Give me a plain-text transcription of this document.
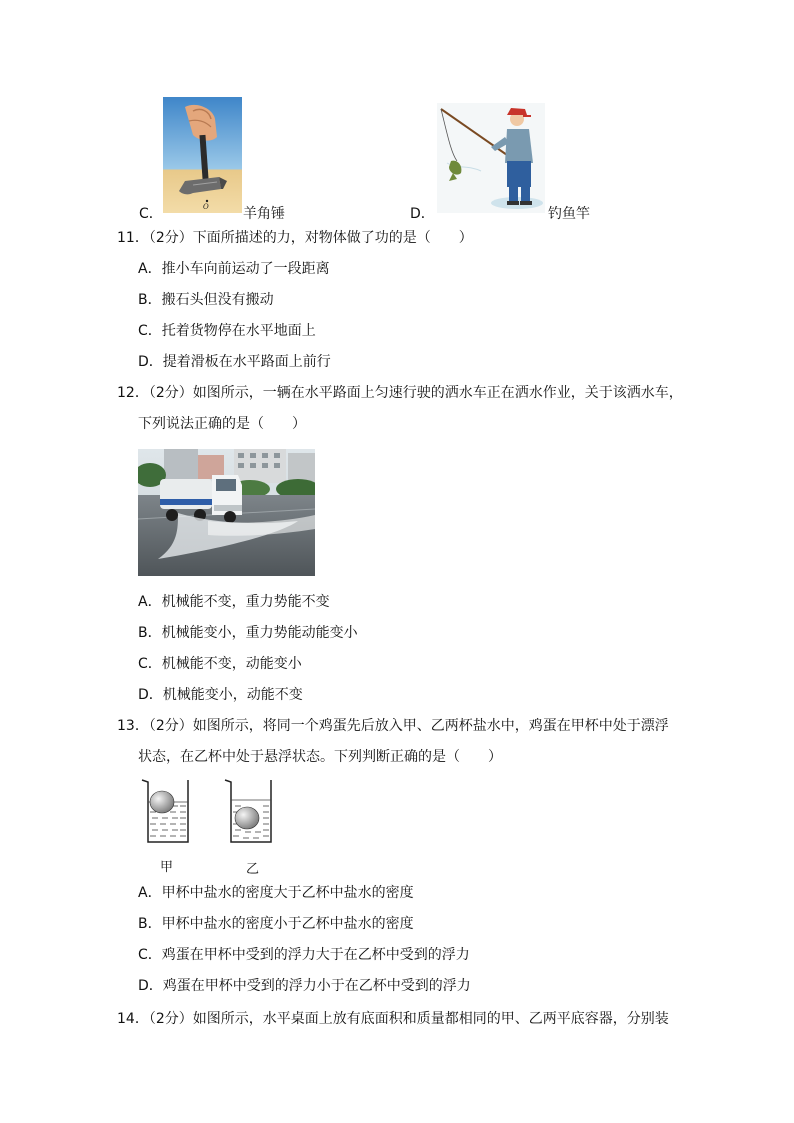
C．	O 羊角锤	D．	钓鱼竿
11．（2分）下面所描述的力，对物体做了功的是（　　）
A．推小车向前运动了一段距离
B．搬石头但没有搬动
C．托着货物停在水平地面上
D．提着滑板在水平路面上前行
12．（2分）如图所示，一辆在水平路面上匀速行驶的洒水车正在洒水作业，关于该洒水车，
下列说法正确的是（　　）
A．机械能不变，重力势能不变
B．机械能变小，重力势能动能变小
C．机械能不变，动能变小
D．机械能变小，动能不变
13．（2分）如图所示，将同一个鸡蛋先后放入甲、乙两杯盐水中，鸡蛋在甲杯中处于漂浮
状态，在乙杯中处于悬浮状态。下列判断正确的是（　　）
甲	乙
A．甲杯中盐水的密度大于乙杯中盐水的密度
B．甲杯中盐水的密度小于乙杯中盐水的密度
C．鸡蛋在甲杯中受到的浮力大于在乙杯中受到的浮力
D．鸡蛋在甲杯中受到的浮力小于在乙杯中受到的浮力
14．（2分）如图所示，水平桌面上放有底面积和质量都相同的甲、乙两平底容器，分别装
